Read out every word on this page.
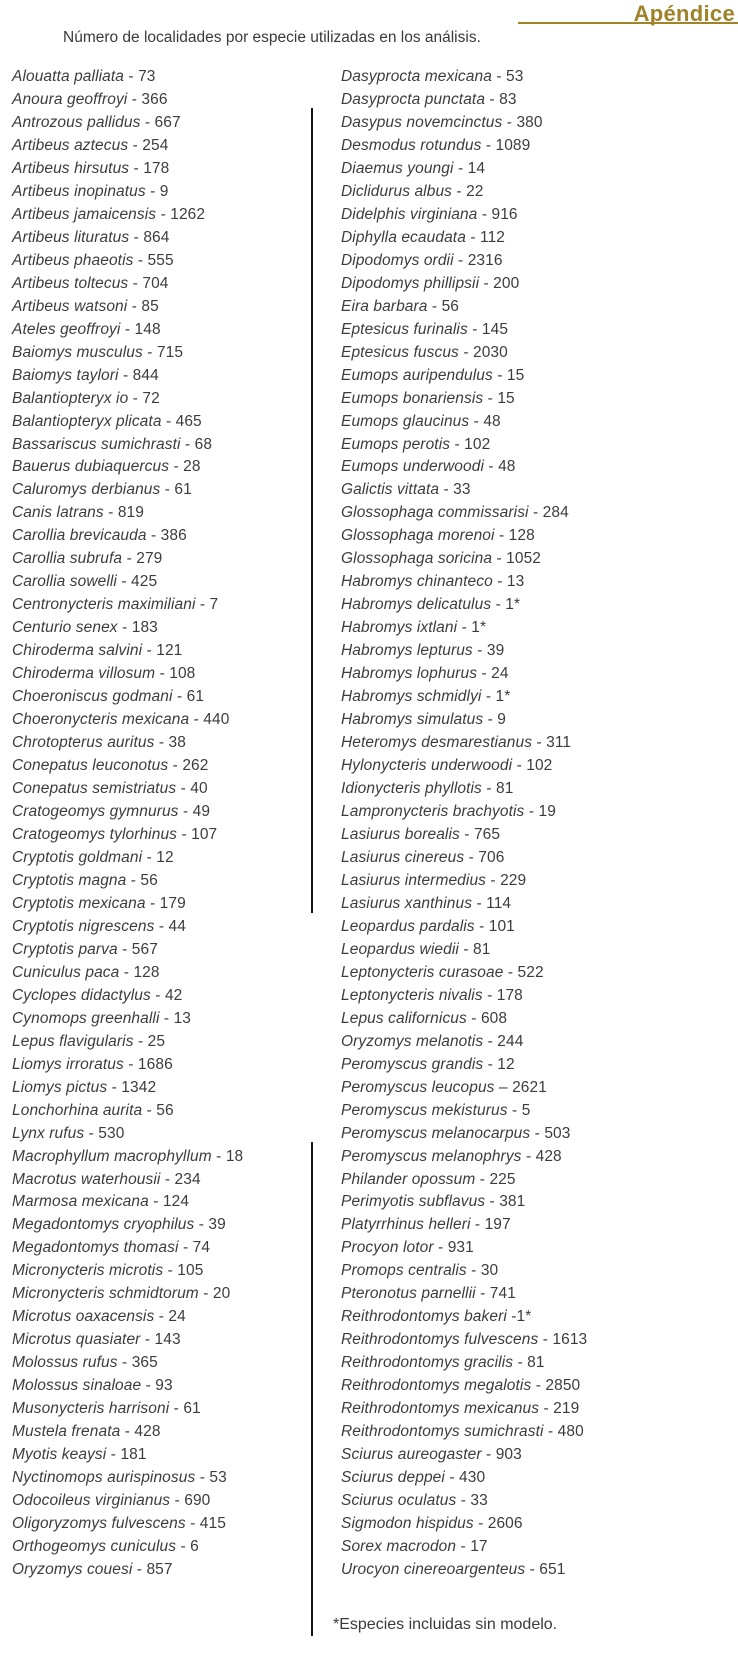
Apéndice
Número de localidades por especie utilizadas en los análisis.
Alouatta palliata - 73
Anoura geoffroyi - 366
Antrozous pallidus - 667
Artibeus aztecus - 254
Artibeus hirsutus - 178
Artibeus inopinatus - 9
Artibeus jamaicensis - 1262
Artibeus lituratus - 864
Artibeus phaeotis - 555
Artibeus toltecus - 704
Artibeus watsoni - 85
Ateles geoffroyi - 148
Baiomys musculus - 715
Baiomys taylori - 844
Balantiopteryx io - 72
Balantiopteryx plicata - 465
Bassariscus sumichrasti - 68
Bauerus dubiaquercus - 28
Caluromys derbianus - 61
Canis latrans - 819
Carollia brevicauda - 386
Carollia subrufa - 279
Carollia sowelli - 425
Centronycteris maximiliani - 7
Centurio senex - 183
Chiroderma salvini - 121
Chiroderma villosum - 108
Choeroniscus godmani - 61
Choeronycteris mexicana - 440
Chrotopterus auritus - 38
Conepatus leuconotus - 262
Conepatus semistriatus - 40
Cratogeomys gymnurus - 49
Cratogeomys tylorhinus - 107
Cryptotis goldmani - 12
Cryptotis magna - 56
Cryptotis mexicana - 179
Cryptotis nigrescens - 44
Cryptotis parva - 567
Cuniculus paca - 128
Cyclopes didactylus - 42
Cynomops greenhalli - 13
Lepus flavigularis - 25
Liomys irroratus - 1686
Liomys pictus - 1342
Lonchorhina aurita - 56
Lynx rufus - 530
Macrophyllum macrophyllum - 18
Macrotus waterhousii - 234
Marmosa mexicana - 124
Megadontomys cryophilus - 39
Megadontomys thomasi - 74
Micronycteris microtis - 105
Micronycteris schmidtorum - 20
Microtus oaxacensis - 24
Microtus quasiater - 143
Molossus rufus - 365
Molossus sinaloae - 93
Musonycteris harrisoni - 61
Mustela frenata - 428
Myotis keaysi - 181
Nyctinomops aurispinosus - 53
Odocoileus virginianus - 690
Oligoryzomys fulvescens - 415
Orthogeomys cuniculus - 6
Oryzomys couesi - 857
Dasyprocta mexicana - 53
Dasyprocta punctata - 83
Dasypus novemcinctus - 380
Desmodus rotundus - 1089
Diaemus youngi - 14
Diclidurus albus - 22
Didelphis virginiana - 916
Diphylla ecaudata - 112
Dipodomys ordii - 2316
Dipodomys phillipsii - 200
Eira barbara - 56
Eptesicus furinalis - 145
Eptesicus fuscus - 2030
Eumops auripendulus - 15
Eumops bonariensis - 15
Eumops glaucinus - 48
Eumops perotis - 102
Eumops underwoodi - 48
Galictis vittata - 33
Glossophaga commissarisi - 284
Glossophaga morenoi - 128
Glossophaga soricina - 1052
Habromys chinanteco - 13
Habromys delicatulus - 1*
Habromys ixtlani - 1*
Habromys lepturus - 39
Habromys lophurus - 24
Habromys schmidlyi - 1*
Habromys simulatus - 9
Heteromys desmarestianus - 311
Hylonycteris underwoodi - 102
Idionycteris phyllotis - 81
Lampronycteris brachyotis - 19
Lasiurus borealis - 765
Lasiurus cinereus - 706
Lasiurus intermedius - 229
Lasiurus xanthinus - 114
Leopardus pardalis - 101
Leopardus wiedii - 81
Leptonycteris curasoae - 522
Leptonycteris nivalis - 178
Lepus californicus - 608
Oryzomys melanotis - 244
Peromyscus grandis - 12
Peromyscus leucopus – 2621
Peromyscus mekisturus - 5
Peromyscus melanocarpus - 503
Peromyscus melanophrys - 428
Philander opossum - 225
Perimyotis subflavus - 381
Platyrrhinus helleri - 197
Procyon lotor - 931
Promops centralis - 30
Pteronotus parnellii - 741
Reithrodontomys bakeri -1*
Reithrodontomys fulvescens - 1613
Reithrodontomys gracilis - 81
Reithrodontomys megalotis - 2850
Reithrodontomys mexicanus - 219
Reithrodontomys sumichrasti - 480
Sciurus aureogaster - 903
Sciurus deppei - 430
Sciurus oculatus - 33
Sigmodon hispidus - 2606
Sorex macrodon - 17
Urocyon cinereoargenteus - 651
*Especies incluidas sin modelo.
